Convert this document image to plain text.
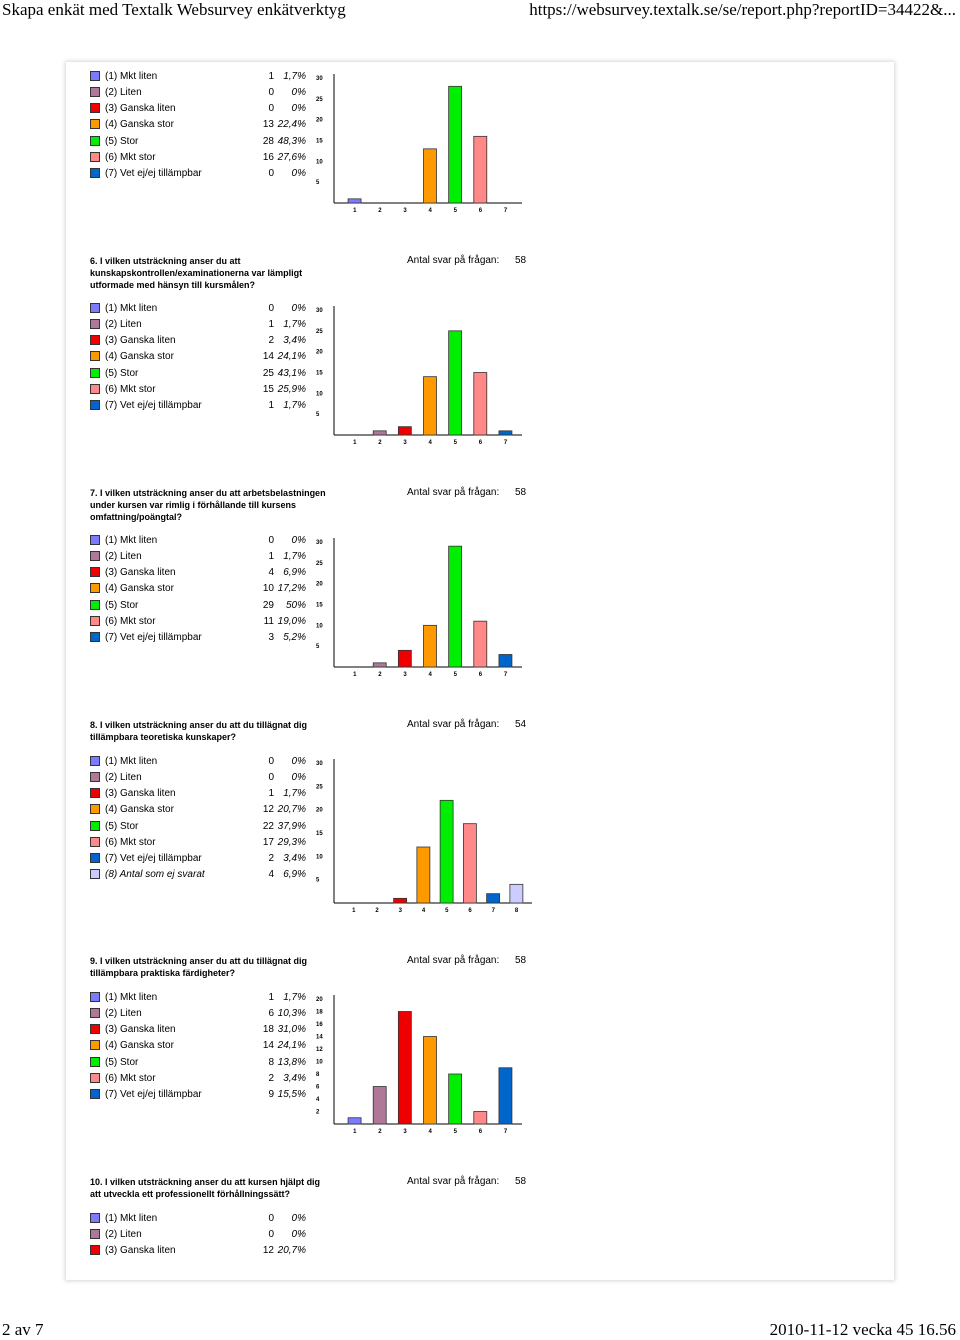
Skapa enkät med Textalk Websurvey enkätverktyg	https://websurvey.textalk.se/se/report.php?reportID=34422&...
(1) Mkt liten	1 1,7%
(2) Liten	0 0%
(3) Ganska liten	0 0%
(4) Ganska stor	13 22,4%
(5) Stor	28 48,3%
(6) Mkt stor	16 27,6%
(7) Vet ej/ej tillämpbar	0 0%
5
10
15
20
25
30
1	2	3	4	5	6	7
6. I vilken utsträckning anser du att kunskapskontrollen/examinationerna var lämpligt utformade med hänsyn till kursmålen?
Antal svar på frågan: 58
(1) Mkt liten	0 0%
(2) Liten	1 1,7%
(3) Ganska liten	2 3,4%
(4) Ganska stor	14 24,1%
(5) Stor	25 43,1%
(6) Mkt stor	15 25,9%
(7) Vet ej/ej tillämpbar	1 1,7%
5
10
15
20
25
30
1	2	3	4	5	6	7
7. I vilken utsträckning anser du att arbetsbelastningen under kursen var rimlig i förhållande till kursens omfattning/poängtal?
Antal svar på frågan: 58
(1) Mkt liten	0 0%
(2) Liten	1 1,7%
(3) Ganska liten	4 6,9%
(4) Ganska stor	10 17,2%
(5) Stor	29 50%
(6) Mkt stor	11 19,0%
(7) Vet ej/ej tillämpbar	3 5,2%
5
10
15
20
25
30
1	2	3	4	5	6	7
8. I vilken utsträckning anser du att du tillägnat dig tillämpbara teoretiska kunskaper?
Antal svar på frågan: 54
(1) Mkt liten	0 0%
(2) Liten	0 0%
(3) Ganska liten	1 1,7%
(4) Ganska stor	12 20,7%
(5) Stor	22 37,9%
(6) Mkt stor	17 29,3%
(7) Vet ej/ej tillämpbar	2 3,4%
(8) Antal som ej svarat	4 6,9%
5
10
15
20
25
30
1	2	3	4	5	6	7	8
9. I vilken utsträckning anser du att du tillägnat dig tillämpbara praktiska färdigheter?
Antal svar på frågan: 58
(1) Mkt liten	1 1,7%
(2) Liten	6 10,3%
(3) Ganska liten	18 31,0%
(4) Ganska stor	14 24,1%
(5) Stor	8 13,8%
(6) Mkt stor	2 3,4%
(7) Vet ej/ej tillämpbar	9 15,5%
2
4
6
8
10
12
14
16
18
20
1	2	3	4	5	6	7
10. I vilken utsträckning anser du att kursen hjälpt dig att utveckla ett professionellt förhållningssätt?
Antal svar på frågan: 58
(1) Mkt liten	0 0%
(2) Liten	0 0%
(3) Ganska liten	12 20,7%
2 av 7	2010-11-12 vecka 45 16.56
